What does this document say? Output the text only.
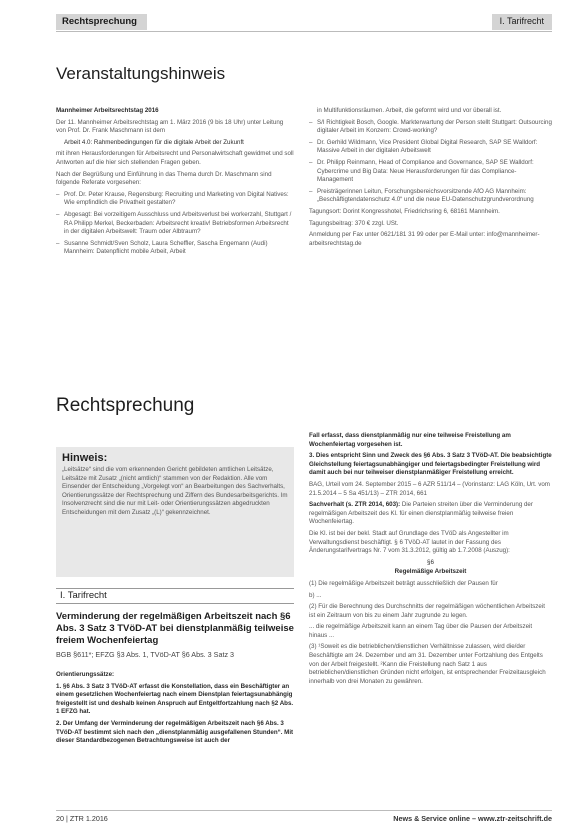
Rechtsprechung	I. Tarifrecht
Veranstaltungshinweis

Mannheimer Arbeitsrechtstag 2016

Der 11. Mannheimer Arbeitsrechtstag am 1. März 2016 (9 bis 18 Uhr) unter Leitung von Prof. Dr. Frank Maschmann ist dem

Arbeit 4.0: Rahmenbedingungen für die digitale Arbeit der Zukunft

mit ihren Herausforderungen für Arbeitsrecht und Personalwirtschaft gewidmet und soll Antworten auf die hier sich stellenden Fragen geben.

Nach der Begrüßung und Einführung in das Thema durch Dr. Maschmann sind folgende Referate vorgesehen:

– Prof. Dr. Peter Krause, Regensburg: Recruiting und Marketing von Digital Natives: Wie empfindlich die Privatheit gestalten?
– Abgesagt: Bei vorzeitigem Ausschluss und Arbeitsverlust bei workerzahl, Stuttgart / RA Philipp Merkel, Beckerbaden: Arbeitsrecht kreativ! Betriebsformen Arbeitsrecht in der digitalen Arbeitswelt: Traum oder Albtraum?
– Susanne Schmidt/Sven Scholz, Laura Scheffler, Sascha Engemann (Audi) Mannheim: Datenpflicht mobile Arbeit, Arbeit

in Multifunktionsräumen. Arbeit, die geformt wird und vor überall ist.

– S/I Richtigkeit Bosch, Google. Markterwartung der Person stellt Stuttgart: Outsourcing digitaler Arbeit im Konzern: Crowd-working?
– Dr. Gerhild Wildmann, Vice President Global Digital Research, SAP SE Walldorf: Massive Arbeit in der digitalen Arbeitswelt
– Dr. Philipp Reinmann, Head of Compliance and Governance, SAP SE Walldorf: Cybercrime und Big Data: Neue Herausforderungen für das Compliance-Management
– Preisträgerinnen Leitun, Forschungsbereichsvorsitzende AfO AG Mannheim: „Beschäftigtendatenschutz 4.0“ und die neue EU-Datenschutzgrundverordnung

Tagungsort: Dorint Kongresshotel, Friedrichsring 6, 68161 Mannheim.

Tagungsbeitrag: 370 € zzgl. USt.

Anmeldung per Fax unter 0621/181 31 99 oder per E-Mail unter: info@mannheimer-arbeitsrechtstag.de

Rechtsprechung
Hinweis:

„Leitsätze“ sind die vom erkennenden Gericht gebildeten amtlichen Leitsätze, Leitsätze mit Zusatz „(nicht amtlich)“ stammen von der Redaktion. Alle vom Einsender der Entscheidung „Vorgelegt von“ an Bearbeitungen des Sachverhalts, Orientierungssätze der Rechtsprechung und Ziffern des Bundesarbeitsgerichts. Im Insolvenzrecht sind die nur mit Leit- oder Orientierungssätzen abgedruckten Entscheidungen mit dem Zusatz „(L)“ gekennzeichnet.

I. Tarifrecht
Verminderung der regelmäßigen Arbeitszeit nach §6 Abs. 3 Satz 3 TVöD-AT bei dienstplanmäßig teilweise freiem Wochenfeiertag
BGB §611*; EFZG §3 Abs. 1, TVöD-AT §6 Abs. 3 Satz 3

Orientierungssätze:

1. §6 Abs. 3 Satz 3 TVöD-AT erfasst die Konstellation, dass ein Beschäftigter an einem gesetzlichen Wochenfeiertag nach einem Dienstplan feiertagsunabhängig freigestellt ist und deshalb keinen Anspruch auf Entgeltfortzahlung nach §2 Abs. 1 EFZG hat.

2. Der Umfang der Verminderung der regelmäßigen Arbeitszeit nach §6 Abs. 3 TVöD-AT bestimmt sich nach den „dienstplanmäßig ausgefallenen Stunden“. Mit dieser Standardbezogenen Betrachtungsweise ist auch der

Fall erfasst, dass dienstplanmäßig nur eine teilweise Freistellung am Wochenfeiertag vorgesehen ist.

3. Dies entspricht Sinn und Zweck des §6 Abs. 3 Satz 3 TVöD-AT. Die beabsichtigte Gleichstellung feiertagsunabhängiger und feiertagsbedingter Freistellung wird damit auch bei nur teilweiser dienstplanmäßiger Freistellung erreicht.

BAG, Urteil vom 24. September 2015 – 6 AZR 511/14 – (Vorinstanz: LAG Köln, Urt. vom 21.5.2014 – 5 Sa 451/13) – ZTR 2014, 661

Sachverhalt (s. ZTR 2014, 603): Die Parteien streiten über die Verminderung der regelmäßigen Arbeitszeit des Kl. für einen dienstplanmäßig teilweise freien Wochenfeiertag.

Die Kl. ist bei der bekl. Stadt auf Grundlage des TVöD als Angestellter im Verwaltungsdienst beschäftigt. § 6 TVöD-AT lautet in der Fassung des Änderungstarifvertrags Nr. 7 vom 31.3.2012, gültig ab 1.7.2008 (Auszug):

§6

Regelmäßige Arbeitszeit

(1) Die regelmäßige Arbeitszeit beträgt ausschließlich der Pausen für

b) ...

(2) Für die Berechnung des Durchschnitts der regelmäßigen wöchentlichen Arbeitszeit ist ein Zeitraum von bis zu einem Jahr zugrunde zu legen.

... die regelmäßige Arbeitszeit kann an einem Tag über die Pausen der Arbeitszeit hinaus ...

(3) ¹Soweit es die betrieblichen/dienstlichen Verhältnisse zulassen, wird die/der Beschäftigte am 24. Dezember und am 31. Dezember unter Fortzahlung des Entgelts von der Arbeit freigestellt. ²Kann die Freistellung nach Satz 1 aus betrieblichen/dienstlichen Gründen nicht erfolgen, ist entsprechender Freizeitausgleich innerhalb von drei Monaten zu gewähren.

20 | ZTR 1.2016	News & Service online – www.ztr-zeitschrift.de
